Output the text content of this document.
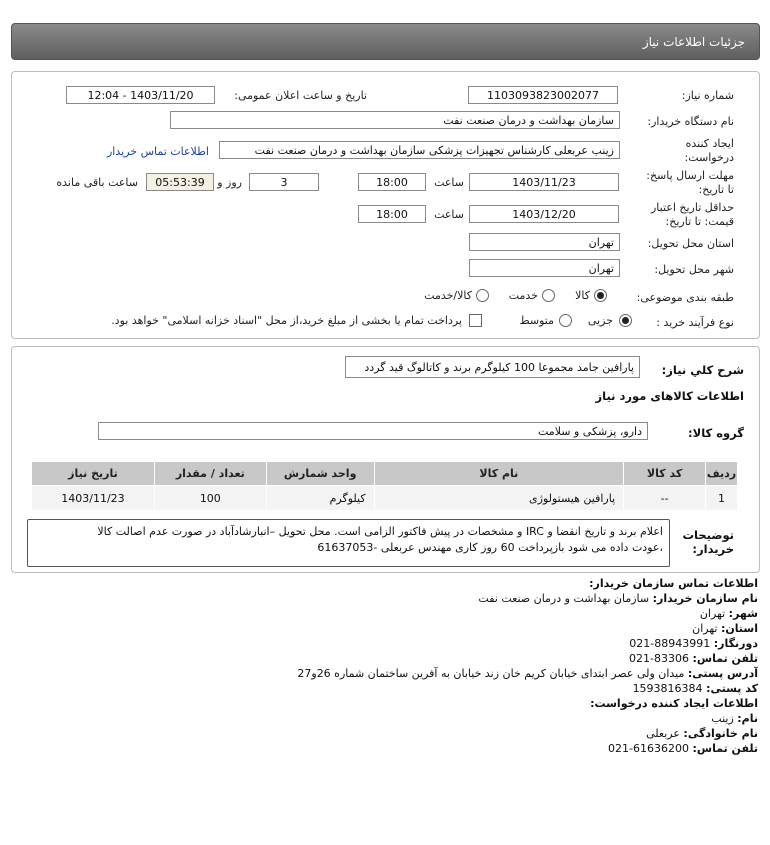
جزئیات اطلاعات نیاز
شماره نیاز:
1103093823002077
تاریخ و ساعت اعلان عمومی:
1403/11/20 - 12:04
نام دستگاه خریدار:
سازمان بهداشت و درمان صنعت نفت
ایجاد کننده
درخواست:
زینب عربعلی کارشناس تجهیزات پزشکی سازمان بهداشت و درمان صنعت نفت
اطلاعات تماس خریدار
مهلت ارسال پاسخ:
تا تاریخ:
1403/11/23
ساعت
18:00
3
روز و
05:53:39
ساعت باقی مانده
حداقل تاریخ اعتبار
قیمت: تا تاریخ:
1403/12/20
ساعت
18:00
استان محل تحویل:
تهران
شهر محل تحویل:
تهران
طبقه بندی موضوعی:
کالا
خدمت
کالا/خدمت
نوع فرآیند خرید :
جزیی
متوسط
پرداخت تمام یا بخشی از مبلغ خرید،از محل "اسناد خزانه اسلامی" خواهد بود.
شرح کلي نياز:
پارافین جامد مجموعا 100 کیلوگرم برند و کاتالوگ قید گردد
اطلاعات کالاهای مورد نیاز
گروه کالا:
دارو، پزشکی و سلامت
ردیف	کد کالا	نام کالا	واحد شمارش	تعداد / مقدار	تاریخ نیاز
1	--	پارافین هیستولوژی	کیلوگرم	100	1403/11/23
توضیحات
خریدار:
اعلام برند و تاریخ انقضا و IRC و مشخصات در پیش فاکتور الزامی است. محل تحویل –انبارشادآباد در صورت عدم اصالت کالا
،عودت داده می شود بازپرداخت 60 روز کاری مهندس عربعلی -61637053
اطلاعات تماس سازمان خریدار:
نام سازمان خریدار: سازمان بهداشت و درمان صنعت نفت
شهر: تهران
استان: تهران
دورنگار: 88943991-021
تلفن تماس: 83306-021
آدرس پستی: میدان ولی عصر ابتدای خیابان کریم خان زند خیابان به آفرین ساختمان شماره 26و27
کد پستی: 1593816384
اطلاعات ایجاد کننده درخواست:
نام: زینب
نام خانوادگی: عربعلی
تلفن تماس: 61636200-021
